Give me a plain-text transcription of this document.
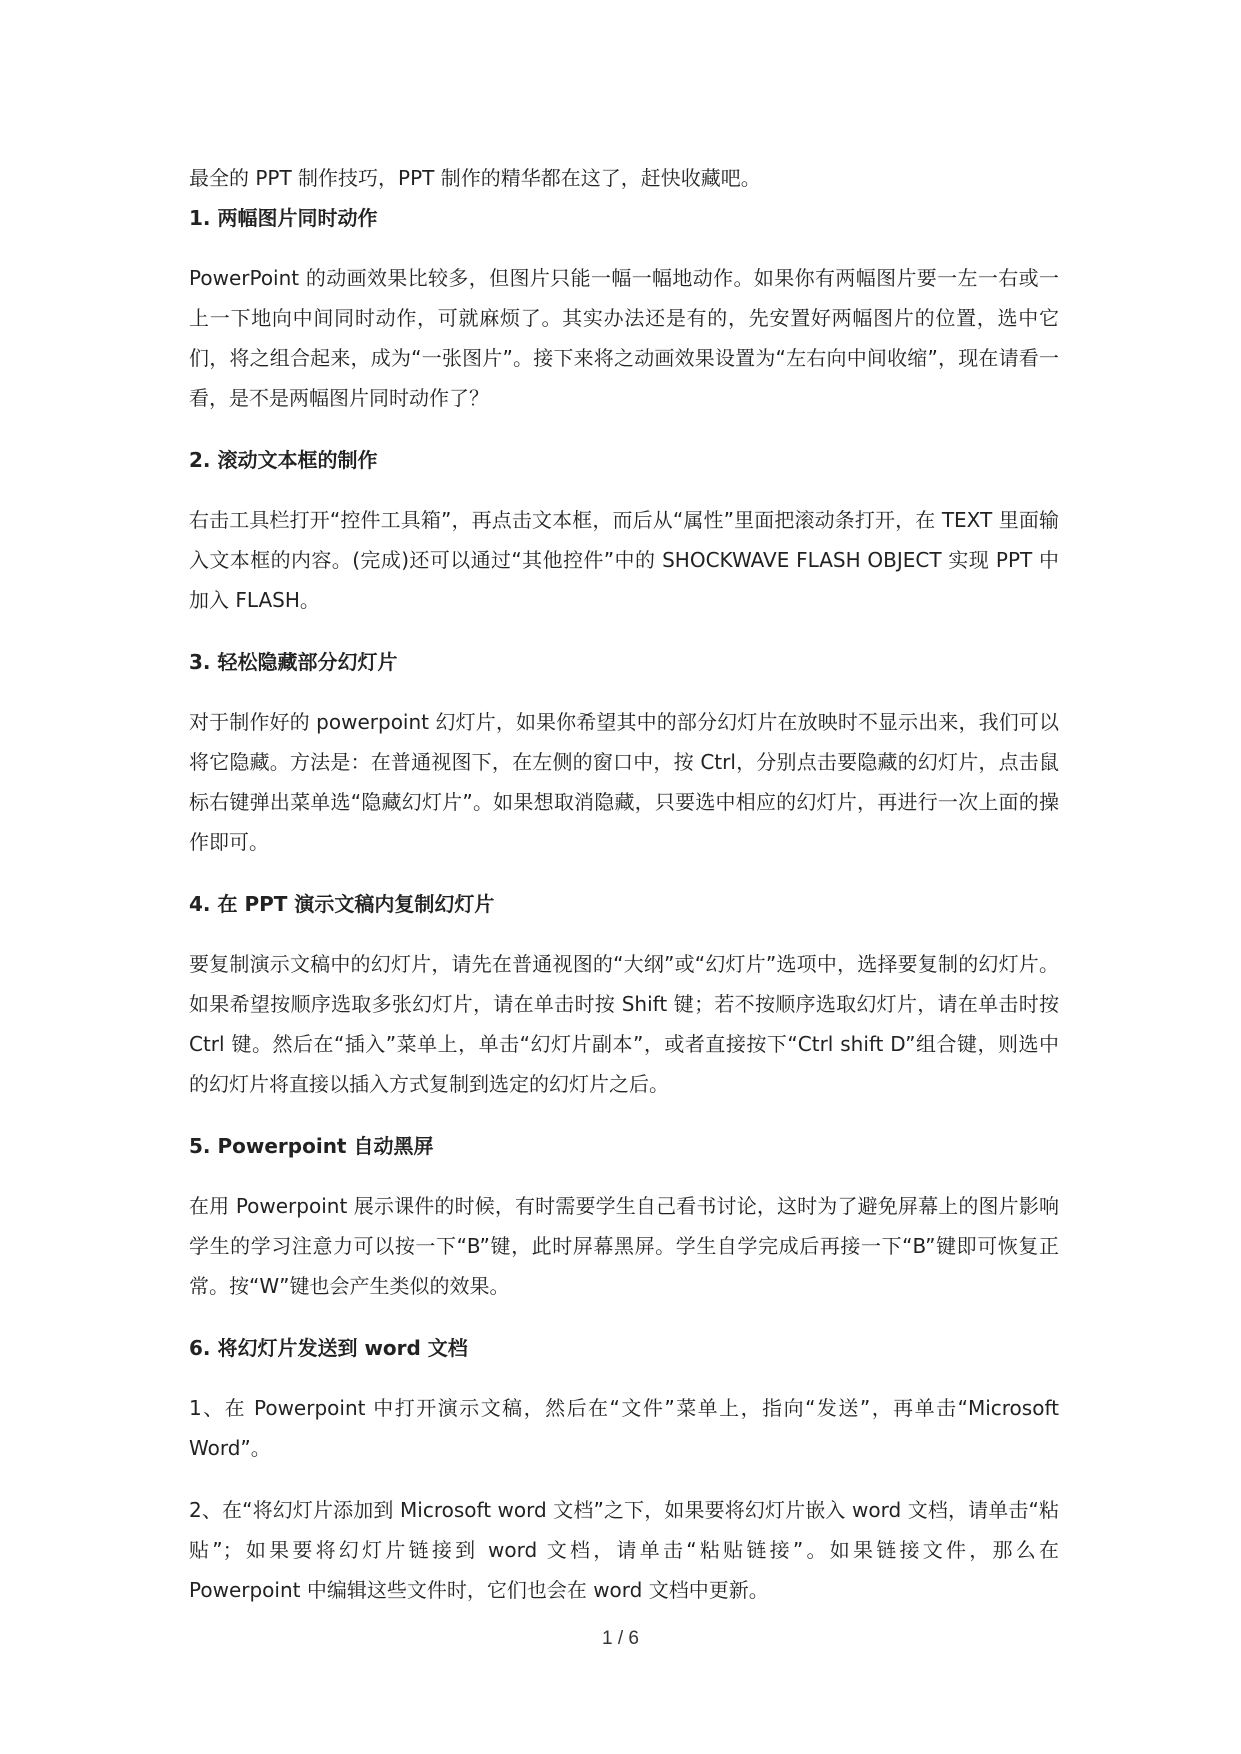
最全的 PPT 制作技巧，PPT 制作的精华都在这了，赶快收藏吧。

1. 两幅图片同时动作

PowerPoint 的动画效果比较多，但图片只能一幅一幅地动作。如果你有两幅图片要一左一右或一上一下地向中间同时动作，可就麻烦了。其实办法还是有的，先安置好两幅图片的位置，选中它们，将之组合起来，成为“一张图片”。接下来将之动画效果设置为“左右向中间收缩”，现在请看一看，是不是两幅图片同时动作了？

2. 滚动文本框的制作

右击工具栏打开“控件工具箱”，再点击文本框，而后从“属性”里面把滚动条打开，在 TEXT 里面输入文本框的内容。(完成)还可以通过“其他控件”中的 SHOCKWAVE FLASH OBJECT 实现 PPT 中加入 FLASH。

3. 轻松隐藏部分幻灯片

对于制作好的 powerpoint 幻灯片，如果你希望其中的部分幻灯片在放映时不显示出来，我们可以将它隐藏。方法是：在普通视图下，在左侧的窗口中，按 Ctrl，分别点击要隐藏的幻灯片，点击鼠标右键弹出菜单选“隐藏幻灯片”。如果想取消隐藏，只要选中相应的幻灯片，再进行一次上面的操作即可。

4. 在 PPT 演示文稿内复制幻灯片

要复制演示文稿中的幻灯片，请先在普通视图的“大纲”或“幻灯片”选项中，选择要复制的幻灯片。如果希望按顺序选取多张幻灯片，请在单击时按 Shift 键；若不按顺序选取幻灯片，请在单击时按 Ctrl 键。然后在“插入”菜单上，单击“幻灯片副本”，或者直接按下“Ctrl shift D”组合键，则选中的幻灯片将直接以插入方式复制到选定的幻灯片之后。

5. Powerpoint 自动黑屏

在用 Powerpoint 展示课件的时候，有时需要学生自己看书讨论，这时为了避免屏幕上的图片影响学生的学习注意力可以按一下“B”键，此时屏幕黑屏。学生自学完成后再接一下“B”键即可恢复正常。按“W”键也会产生类似的效果。

6. 将幻灯片发送到 word 文档

1、在 Powerpoint 中打开演示文稿，然后在“文件”菜单上，指向“发送”，再单击“Microsoft Word”。

2、在“将幻灯片添加到 Microsoft word 文档”之下，如果要将幻灯片嵌入 word 文档，请单击“粘贴”；如果要将幻灯片链接到 word 文档，请单击“粘贴链接”。如果链接文件，那么在 Powerpoint 中编辑这些文件时，它们也会在 word 文档中更新。

1 / 6
